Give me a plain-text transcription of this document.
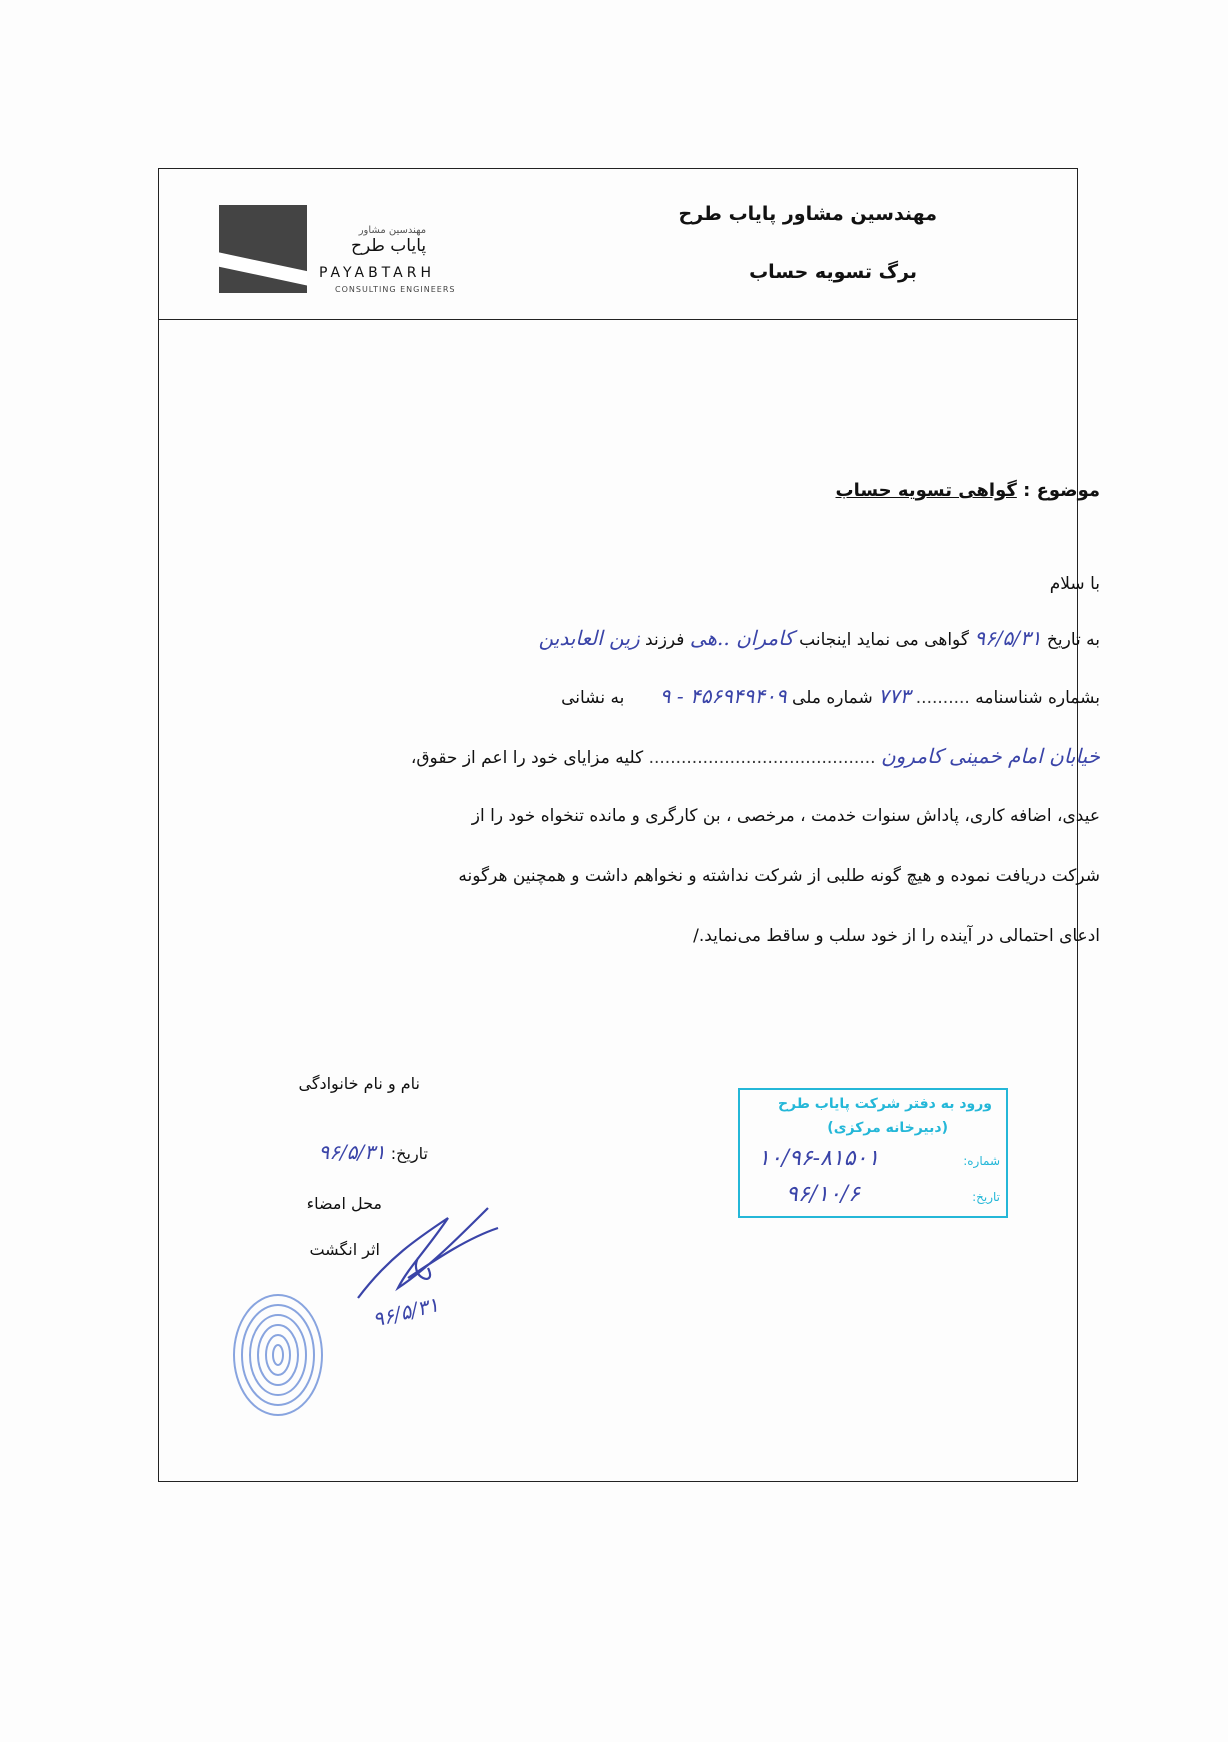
مهندسین مشاور
پایاب طرح
PAYABTARH
CONSULTING ENGINEERS
مهندسین مشاور پایاب طرح
برگ تسویه حساب
موضوع : گواهی تسویه حساب
با سلام
به تاریخ ۹۶/۵/۳۱ گواهی می نماید اینجانب کامران ..هی فرزند زین العابدین
بشماره شناسنامه .......... ۷۷۳ شماره ملی ۴۵۶۹۴۹۴۰۹ - ۹ به نشانی
خیابان امام خمینی کامرون .......................................... کلیه مزایای خود را اعم از حقوق،
عیدی، اضافه کاری، پاداش سنوات خدمت ، مرخصی ، بن کارگری و مانده تنخواه خود را از
شرکت دریافت نموده و هیچ گونه طلبی از شرکت نداشته و نخواهم داشت و همچنین هرگونه
ادعای احتمالی در آینده را از خود سلب و ساقط می‌نماید./
نام و نام خانوادگی
تاریخ: ۹۶/۵/۳۱
محل امضاء
اثر انگشت
۹۶/۵/۳۱
ورود به دفتر شرکت پایاب طرح
(دبیرخانه مرکزی)
شماره:
۱۰/۹۶-۸۱۵۰۱
تاریخ:
۹۶/۱۰/۶
